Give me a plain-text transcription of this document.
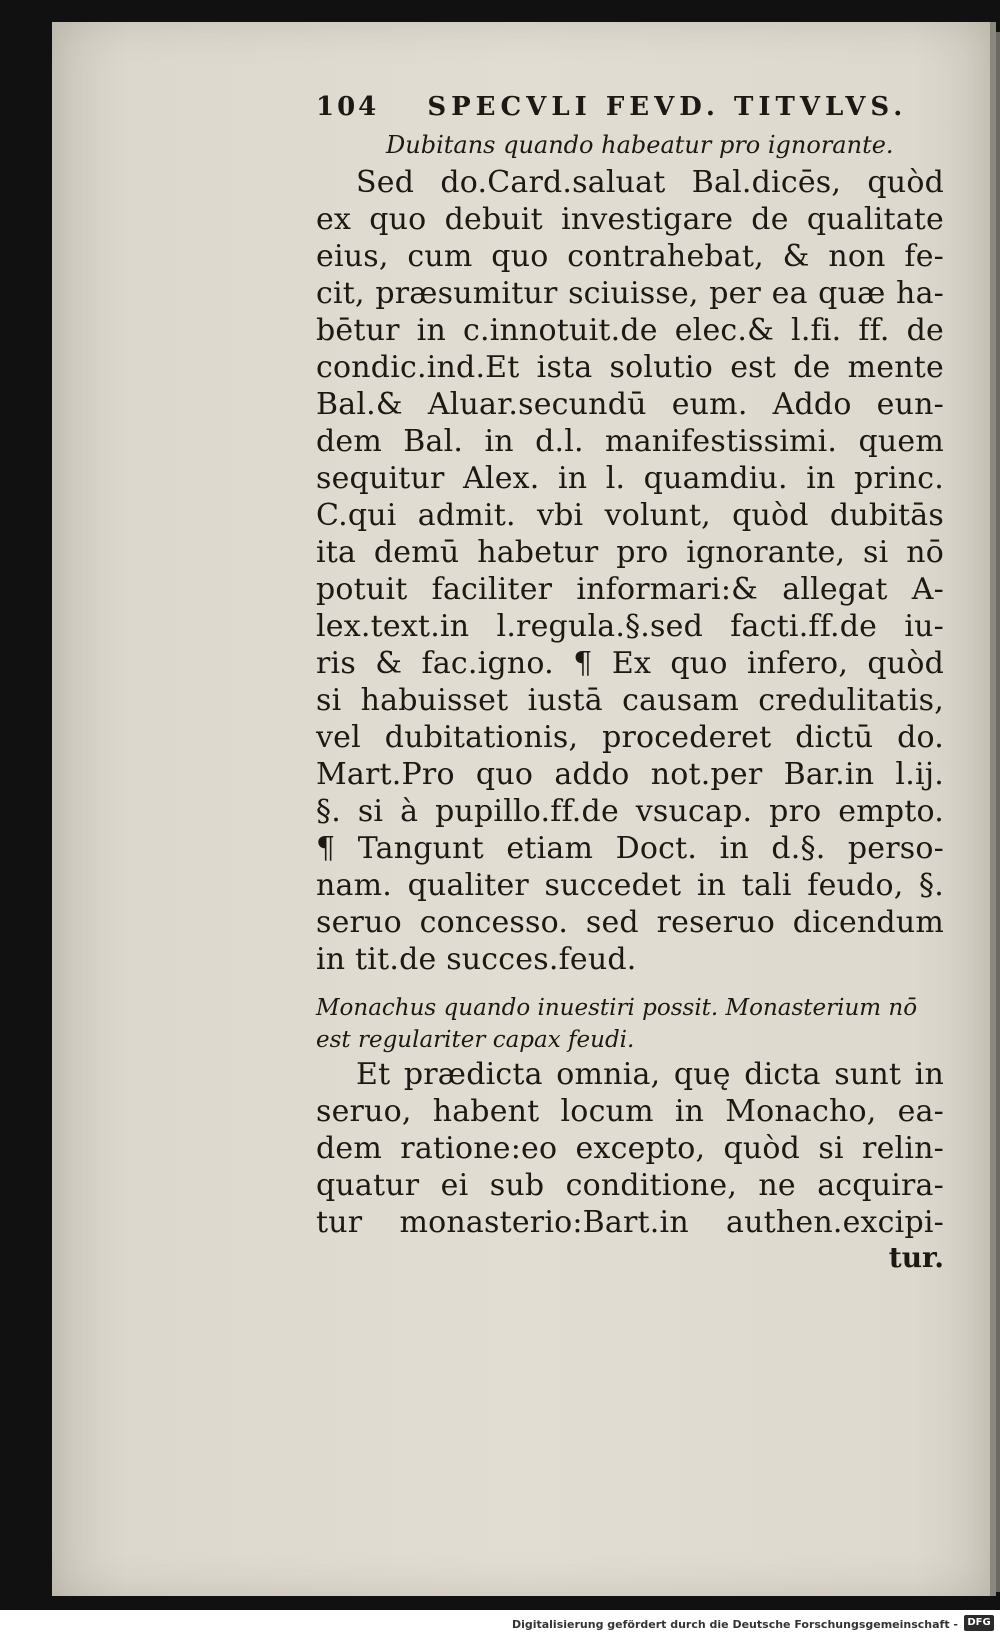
104 SPECVLI FEVD. TITVLVS.
Dubitans quando habeatur pro ignorante.
Sed do.Card.saluat Bal.dicēs, quòd
ex quo debuit investigare de qualitate
eius, cum quo contrahebat, & non fe-
cit, præsumitur sciuisse, per ea quæ ha-
bētur in c.innotuit.de elec.& l.fi. ff. de
condic.ind.Et ista solutio est de mente
Bal.& Aluar.secundū eum. Addo eun-
dem Bal. in d.l. manifestissimi. quem
sequitur Alex. in l. quamdiu. in princ.
C.qui admit. vbi volunt, quòd dubitās
ita demū habetur pro ignorante, si nō
potuit faciliter informari:& allegat A-
lex.text.in l.regula.§.sed facti.ff.de iu-
ris & fac.igno. ¶ Ex quo infero, quòd
si habuisset iustā causam credulitatis,
vel dubitationis, procederet dictū do.
Mart.Pro quo addo not.per Bar.in l.ij.
§. si à pupillo.ff.de vsucap. pro empto.
¶ Tangunt etiam Doct. in d.§. perso-
nam. qualiter succedet in tali feudo, §.
seruo concesso. sed reseruo dicendum
in tit.de succes.feud.
Monachus quando inuestiri possit. Monasterium nō
est regulariter capax feudi.
Et prædicta omnia, quę dicta sunt in
seruo, habent locum in Monacho, ea-
dem ratione:eo excepto, quòd si relin-
quatur ei sub conditione, ne acquira-
tur monasterio:Bart.in authen.excipi-
tur.
Digitalisierung gefördert durch die Deutsche Forschungsgemeinschaft - DFG
